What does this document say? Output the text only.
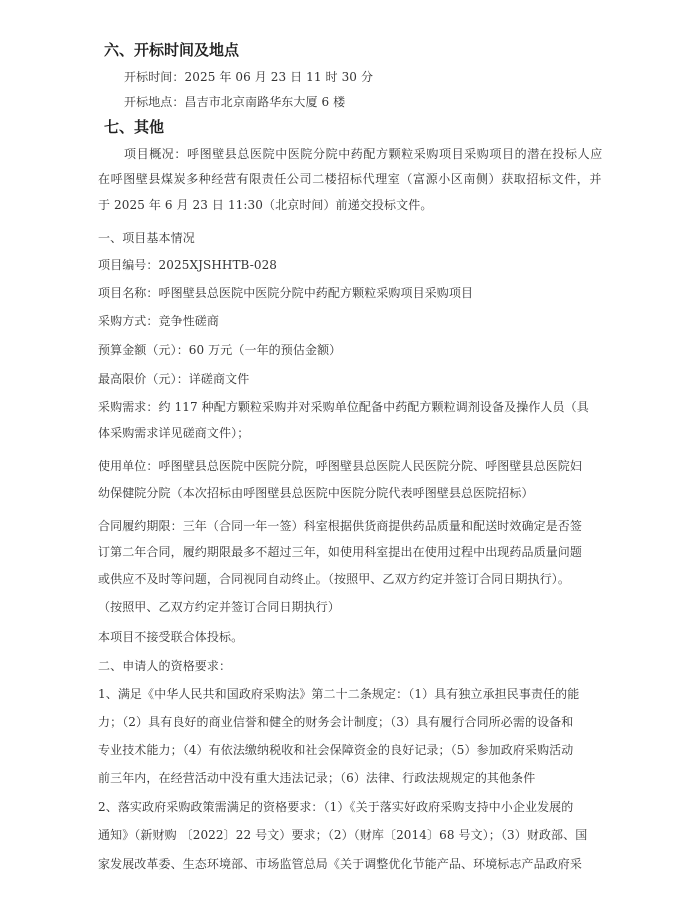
六、开标时间及地点
开标时间：2025 年 06 月 23 日 11 时 30 分
开标地点：昌吉市北京南路华东大厦 6 楼
七、其他
项目概况：呼图壁县总医院中医院分院中药配方颗粒采购项目采购项目的潜在投标人应
在呼图壁县煤炭多种经营有限责任公司二楼招标代理室（富源小区南侧）获取招标文件，并
于 2025 年 6 月 23 日 11:30（北京时间）前递交投标文件。
一、项目基本情况
项目编号：2025XJSHHTB-028
项目名称：呼图壁县总医院中医院分院中药配方颗粒采购项目采购项目
采购方式：竞争性磋商
预算金额（元）：60 万元（一年的预估金额）
最高限价（元）：详磋商文件
采购需求：约 117 种配方颗粒采购并对采购单位配备中药配方颗粒调剂设备及操作人员（具
体采购需求详见磋商文件）；
使用单位：呼图壁县总医院中医院分院，呼图壁县总医院人民医院分院、呼图壁县总医院妇
幼保健院分院（本次招标由呼图壁县总医院中医院分院代表呼图壁县总医院招标）
合同履约期限：三年（合同一年一签）科室根据供货商提供药品质量和配送时效确定是否签
订第二年合同，履约期限最多不超过三年，如使用科室提出在使用过程中出现药品质量问题
或供应不及时等问题，合同视同自动终止。（按照甲、乙双方约定并签订合同日期执行）。
（按照甲、乙双方约定并签订合同日期执行）
本项目不接受联合体投标。
二、申请人的资格要求：
1、满足《中华人民共和国政府采购法》第二十二条规定：（1）具有独立承担民事责任的能
力；（2）具有良好的商业信誉和健全的财务会计制度；（3）具有履行合同所必需的设备和
专业技术能力；（4）有依法缴纳税收和社会保障资金的良好记录；（5）参加政府采购活动
前三年内，在经营活动中没有重大违法记录；（6）法律、行政法规规定的其他条件
2、落实政府采购政策需满足的资格要求：（1）《关于落实好政府采购支持中小企业发展的
通知》（新财购 〔2022〕22 号文）要求；（2）（财库〔2014〕68 号文）；（3）财政部、国
家发展改革委、生态环境部、市场监管总局《关于调整优化节能产品、环境标志产品政府采
